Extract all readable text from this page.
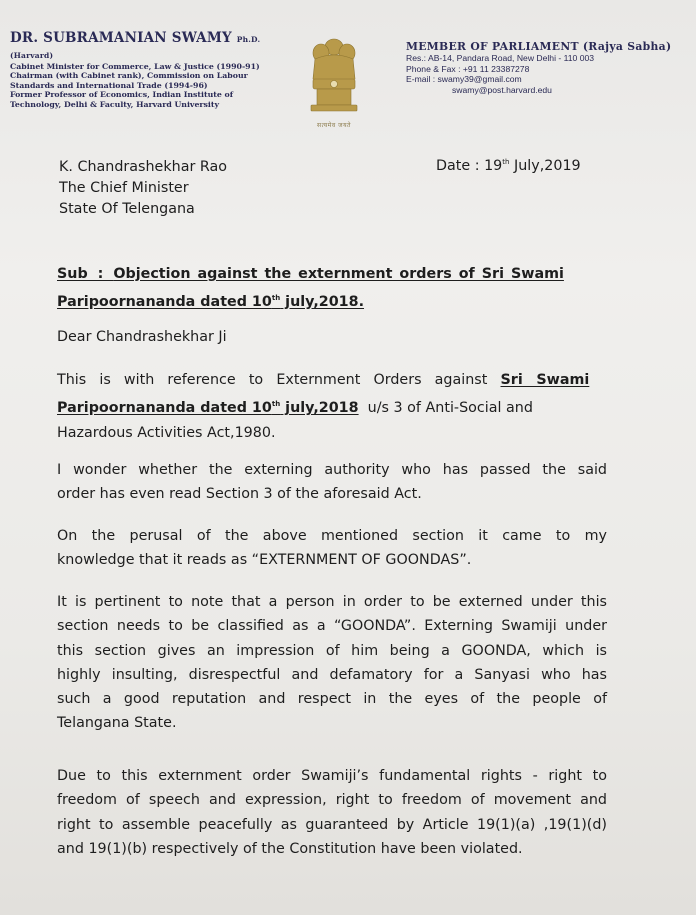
DR. SUBRAMANIAN SWAMY Ph.D. (Harvard)
Cabinet Minister for Commerce, Law & Justice (1990-91)
Chairman (with Cabinet rank), Commission on Labour
Standards and International Trade (1994-96)
Former Professor of Economics, Indian Institute of
Technology, Delhi & Faculty, Harvard University
सत्यमेव जयते
MEMBER OF PARLIAMENT (Rajya Sabha)
Res.: AB-14, Pandara Road, New Delhi - 110 003
Phone & Fax : +91 11 23387278
E-mail : swamy39@gmail.com
swamy@post.harvard.edu
K. Chandrashekhar Rao
The Chief Minister
State Of Telengana
Date : 19th July,2019
Sub  :  Objection against the externment orders of Sri Swami
Paripoornananda dated 10th july,2018.
Dear Chandrashekhar Ji
This is with reference to Externment Orders against Sri Swami
Paripoornananda dated 10th july,2018  u/s 3 of Anti-Social and
Hazardous Activities Act,1980.
I wonder whether the externing authority who has passed the said
order has even read Section 3 of the aforesaid Act.
On the perusal of the above mentioned section it came to my
knowledge that it reads as “EXTERNMENT OF GOONDAS”.
It is pertinent to note that a person in order to be externed under this
section needs to be classified as a “GOONDA”. Externing Swamiji under
this section gives an impression of him being a GOONDA, which is
highly insulting, disrespectful and defamatory for a Sanyasi who has
such a good reputation and respect in the eyes of the people of
Telangana State.
Due to this externment order Swamiji’s fundamental rights - right to
freedom of speech and expression, right to freedom of movement and
right to assemble peacefully as guaranteed by Article 19(1)(a) ,19(1)(d)
and 19(1)(b) respectively of the Constitution have been violated.
